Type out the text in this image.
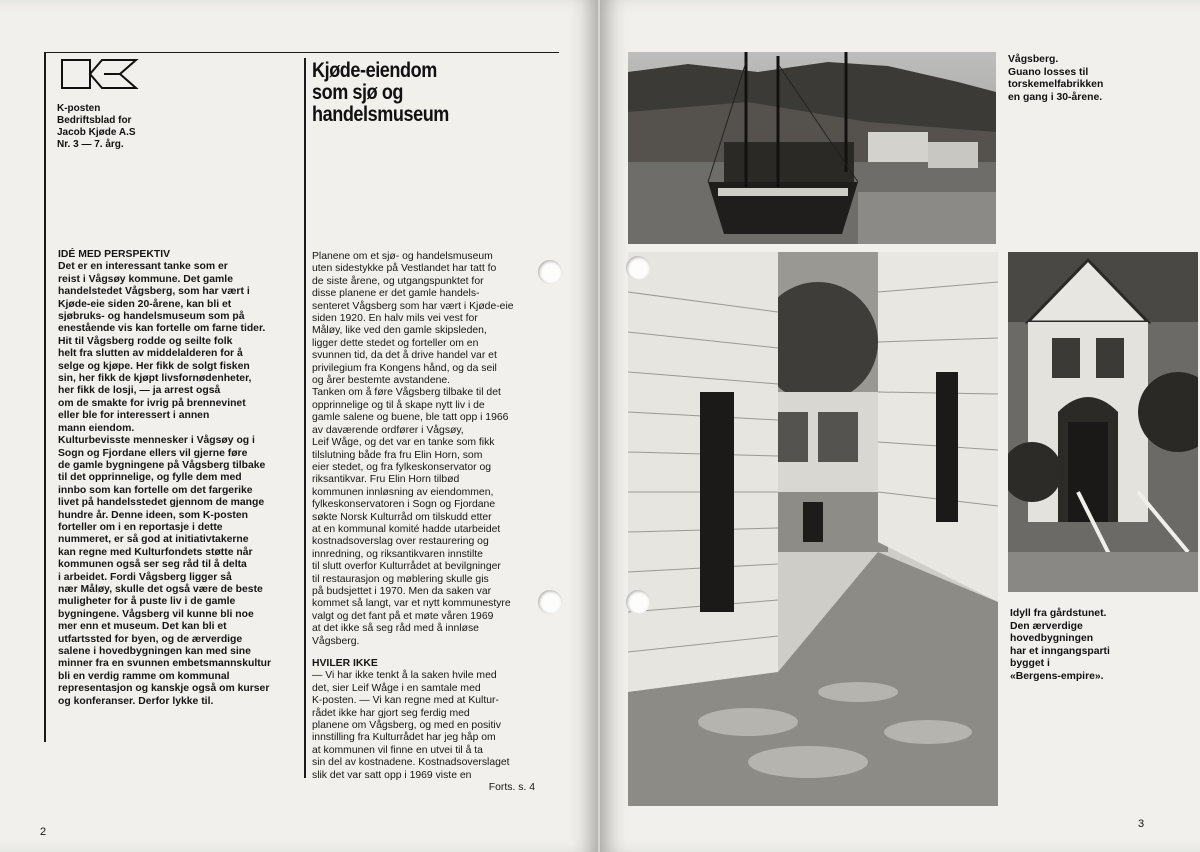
K-posten
Bedriftsblad for
Jacob Kjøde A.S
Nr. 3 — 7. årg.
Kjøde-eiendom
som sjø og
handelsmuseum
IDÉ MED PERSPEKTIV
Det er en interessant tanke som er
reist i Vågsøy kommune. Det gamle
handelstedet Vågsberg, som har vært i
Kjøde-eie siden 20-årene, kan bli et
sjøbruks- og handelsmuseum som på
enestående vis kan fortelle om farne tider.
Hit til Vågsberg rodde og seilte folk
helt fra slutten av middelalderen for å
selge og kjøpe. Her fikk de solgt fisken
sin, her fikk de kjøpt livsfornødenheter,
her fikk de losji, — ja arrest også
om de smakte for ivrig på brennevinet
eller ble for interessert i annen
mann eiendom.
Kulturbevisste mennesker i Vågsøy og i
Sogn og Fjordane ellers vil gjerne føre
de gamle bygningene på Vågsberg tilbake
til det opprinnelige, og fylle dem med
innbo som kan fortelle om det fargerike
livet på handelsstedet gjennom de mange
hundre år. Denne ideen, som K-posten
forteller om i en reportasje i dette
nummeret, er så god at initiativtakerne
kan regne med Kulturfondets støtte når
kommunen også ser seg råd til å delta
i arbeidet. Fordi Vågsberg ligger så
nær Måløy, skulle det også være de beste
muligheter for å puste liv i de gamle
bygningene. Vågsberg vil kunne bli noe
mer enn et museum. Det kan bli et
utfartssted for byen, og de ærverdige
salene i hovedbygningen kan med sine
minner fra en svunnen embetsmannskultur
bli en verdig ramme om kommunal
representasjon og kanskje også om kurser
og konferanser. Derfor lykke til.
Planene om et sjø- og handelsmuseum
uten sidestykke på Vestlandet har tatt fo
de siste årene, og utgangspunktet for
disse planene er det gamle handels-
senteret Vågsberg som har vært i Kjøde-eie
siden 1920. En halv mils vei vest for
Måløy, like ved den gamle skipsleden,
ligger dette stedet og forteller om en
svunnen tid, da det å drive handel var et
privilegium fra Kongens hånd, og da seil
og årer bestemte avstandene.
Tanken om å føre Vågsberg tilbake til det
opprinnelige og til å skape nytt liv i de
gamle salene og buene, ble tatt opp i 1966
av daværende ordfører i Vågsøy,
Leif Wåge, og det var en tanke som fikk
tilslutning både fra fru Elin Horn, som
eier stedet, og fra fylkeskonservator og
riksantikvar. Fru Elin Horn tilbød
kommunen innløsning av eiendommen,
fylkeskonservatoren i Sogn og Fjordane
søkte Norsk Kulturråd om tilskudd etter
at en kommunal komité hadde utarbeidet
kostnadsoverslag over restaurering og
innredning, og riksantikvaren innstilte
til slutt overfor Kulturrådet at bevilgninger
til restaurasjon og møblering skulle gis
på budsjettet i 1970. Men da saken var
kommet så langt, var et nytt kommunestyre
valgt og det fant på et møte våren 1969
at det ikke så seg råd med å innløse
Vågsberg.
HVILER IKKE
— Vi har ikke tenkt å la saken hvile med
det, sier Leif Wåge i en samtale med
K-posten. — Vi kan regne med at Kultur-
rådet ikke har gjort seg ferdig med
planene om Vågsberg, og med en positiv
innstilling fra Kulturrådet har jeg håp om
at kommunen vil finne en utvei til å ta
sin del av kostnadene. Kostnadsoverslaget
slik det var satt opp i 1969 viste en
Forts. s. 4
2
Vågsberg.
Guano losses til
torskemelfabrikken
en gang i 30-årene.
Idyll fra gårdstunet.
Den ærverdige
hovedbygningen
har et inngangsparti
bygget i
«Bergens-empire».
3
